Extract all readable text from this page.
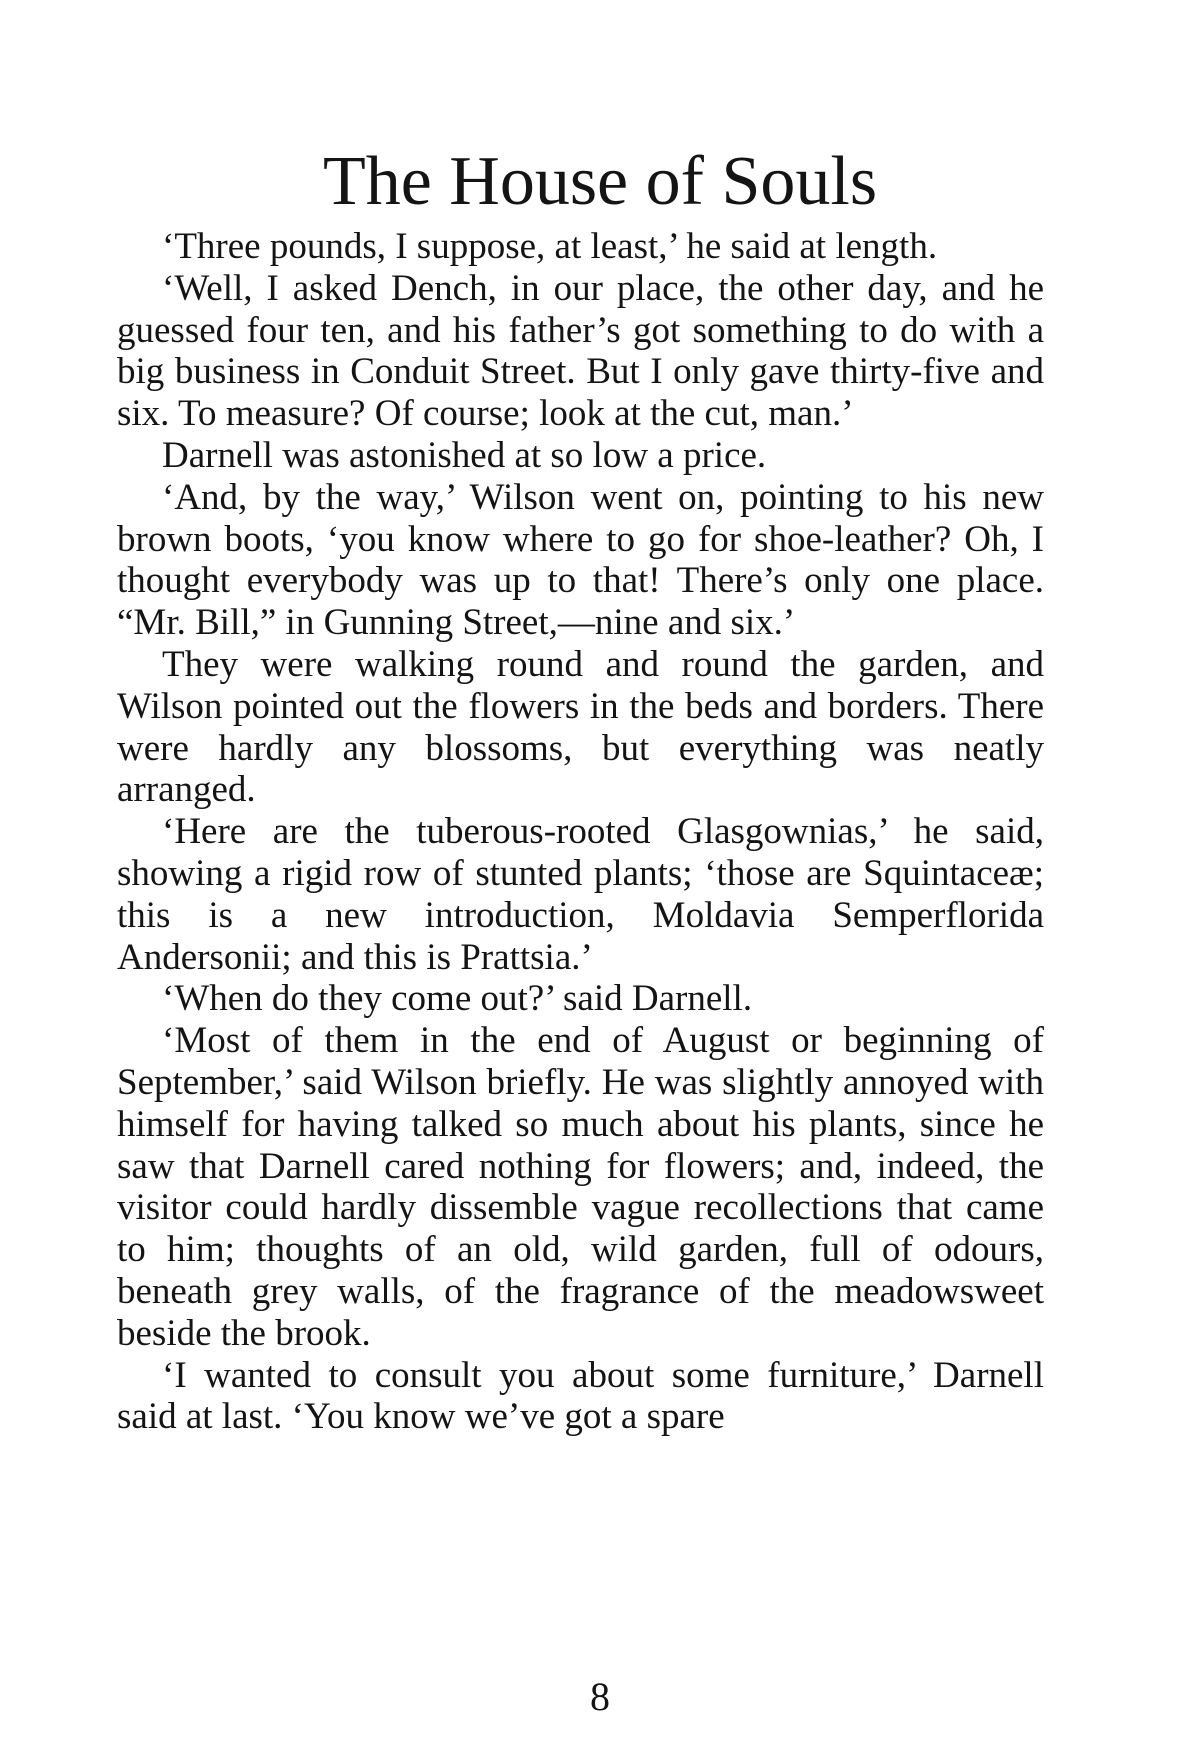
The House of Souls

‘Three pounds, I suppose, at least,’ he said at length.

‘Well, I asked Dench, in our place, the other day, and he guessed four ten, and his father’s got something to do with a big business in Conduit Street. But I only gave thirty-five and six. To measure? Of course; look at the cut, man.’

Darnell was astonished at so low a price.

‘And, by the way,’ Wilson went on, pointing to his new brown boots, ‘you know where to go for shoe-leather? Oh, I thought everybody was up to that! There’s only one place. “Mr. Bill,” in Gunning Street,—nine and six.’

They were walking round and round the garden, and Wilson pointed out the flowers in the beds and borders. There were hardly any blossoms, but everything was neatly arranged.

‘Here are the tuberous-rooted Glasgownias,’ he said, showing a rigid row of stunted plants; ‘those are Squintaceæ; this is a new introduction, Moldavia Semperflorida Andersonii; and this is Prattsia.’

‘When do they come out?’ said Darnell.

‘Most of them in the end of August or beginning of September,’ said Wilson briefly. He was slightly annoyed with himself for having talked so much about his plants, since he saw that Darnell cared nothing for flowers; and, indeed, the visitor could hardly dissemble vague recollections that came to him; thoughts of an old, wild garden, full of odours, beneath grey walls, of the fragrance of the meadowsweet beside the brook.

‘I wanted to consult you about some furniture,’ Darnell said at last. ‘You know we’ve got a spare

8
